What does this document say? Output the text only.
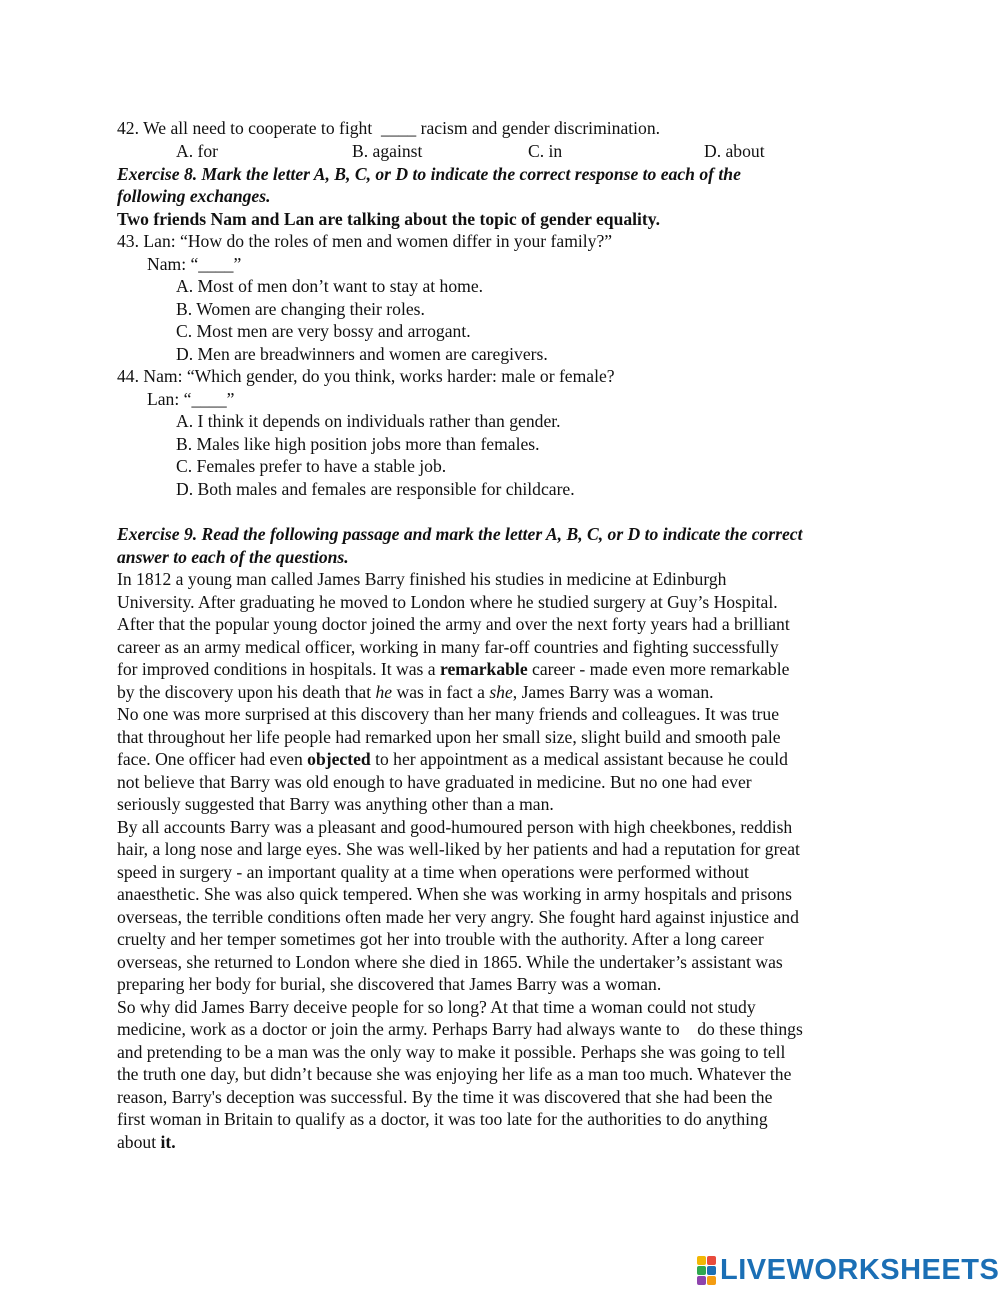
42. We all need to cooperate to fight  ____ racism and gender discrimination.
A. for	B. against	C. in	D. about
Exercise 8. Mark the letter A, B, C, or D to indicate the correct response to each of the
following exchanges.
Two friends Nam and Lan are talking about the topic of gender equality.
43. Lan: “How do the roles of men and women differ in your family?”
Nam: “____”
A. Most of men don’t want to stay at home.
B. Women are changing their roles.
C. Most men are very bossy and arrogant.
D. Men are breadwinners and women are caregivers.
44. Nam: “Which gender, do you think, works harder: male or female?
Lan: “____”
A. I think it depends on individuals rather than gender.
B. Males like high position jobs more than females.
C. Females prefer to have a stable job.
D. Both males and females are responsible for childcare.
Exercise 9. Read the following passage and mark the letter A, B, C, or D to indicate the correct
answer to each of the questions.
In 1812 a young man called James Barry finished his studies in medicine at Edinburgh
University. After graduating he moved to London where he studied surgery at Guy’s Hospital.
After that the popular young doctor joined the army and over the next forty years had a brilliant
career as an army medical officer, working in many far-off countries and fighting successfully
for improved conditions in hospitals. It was a remarkable career - made even more remarkable
by the discovery upon his death that he was in fact a she, James Barry was a woman.
No one was more surprised at this discovery than her many friends and colleagues. It was true
that throughout her life people had remarked upon her small size, slight build and smooth pale
face. One officer had even objected to her appointment as a medical assistant because he could
not believe that Barry was old enough to have graduated in medicine. But no one had ever
seriously suggested that Barry was anything other than a man.
By all accounts Barry was a pleasant and good-humoured person with high cheekbones, reddish
hair, a long nose and large eyes. She was well-liked by her patients and had a reputation for great
speed in surgery - an important quality at a time when operations were performed without
anaesthetic. She was also quick tempered. When she was working in army hospitals and prisons
overseas, the terrible conditions often made her very angry. She fought hard against injustice and
cruelty and her temper sometimes got her into trouble with the authority. After a long career
overseas, she returned to London where she died in 1865. While the undertaker’s assistant was
preparing her body for burial, she discovered that James Barry was a woman.
So why did James Barry deceive people for so long? At that time a woman could not study
medicine, work as a doctor or join the army. Perhaps Barry had always wante to    do these things
and pretending to be a man was the only way to make it possible. Perhaps she was going to tell
the truth one day, but didn’t because she was enjoying her life as a man too much. Whatever the
reason, Barry's deception was successful. By the time it was discovered that she had been the
first woman in Britain to qualify as a doctor, it was too late for the authorities to do anything
about it.
LIVEWORKSHEETS
